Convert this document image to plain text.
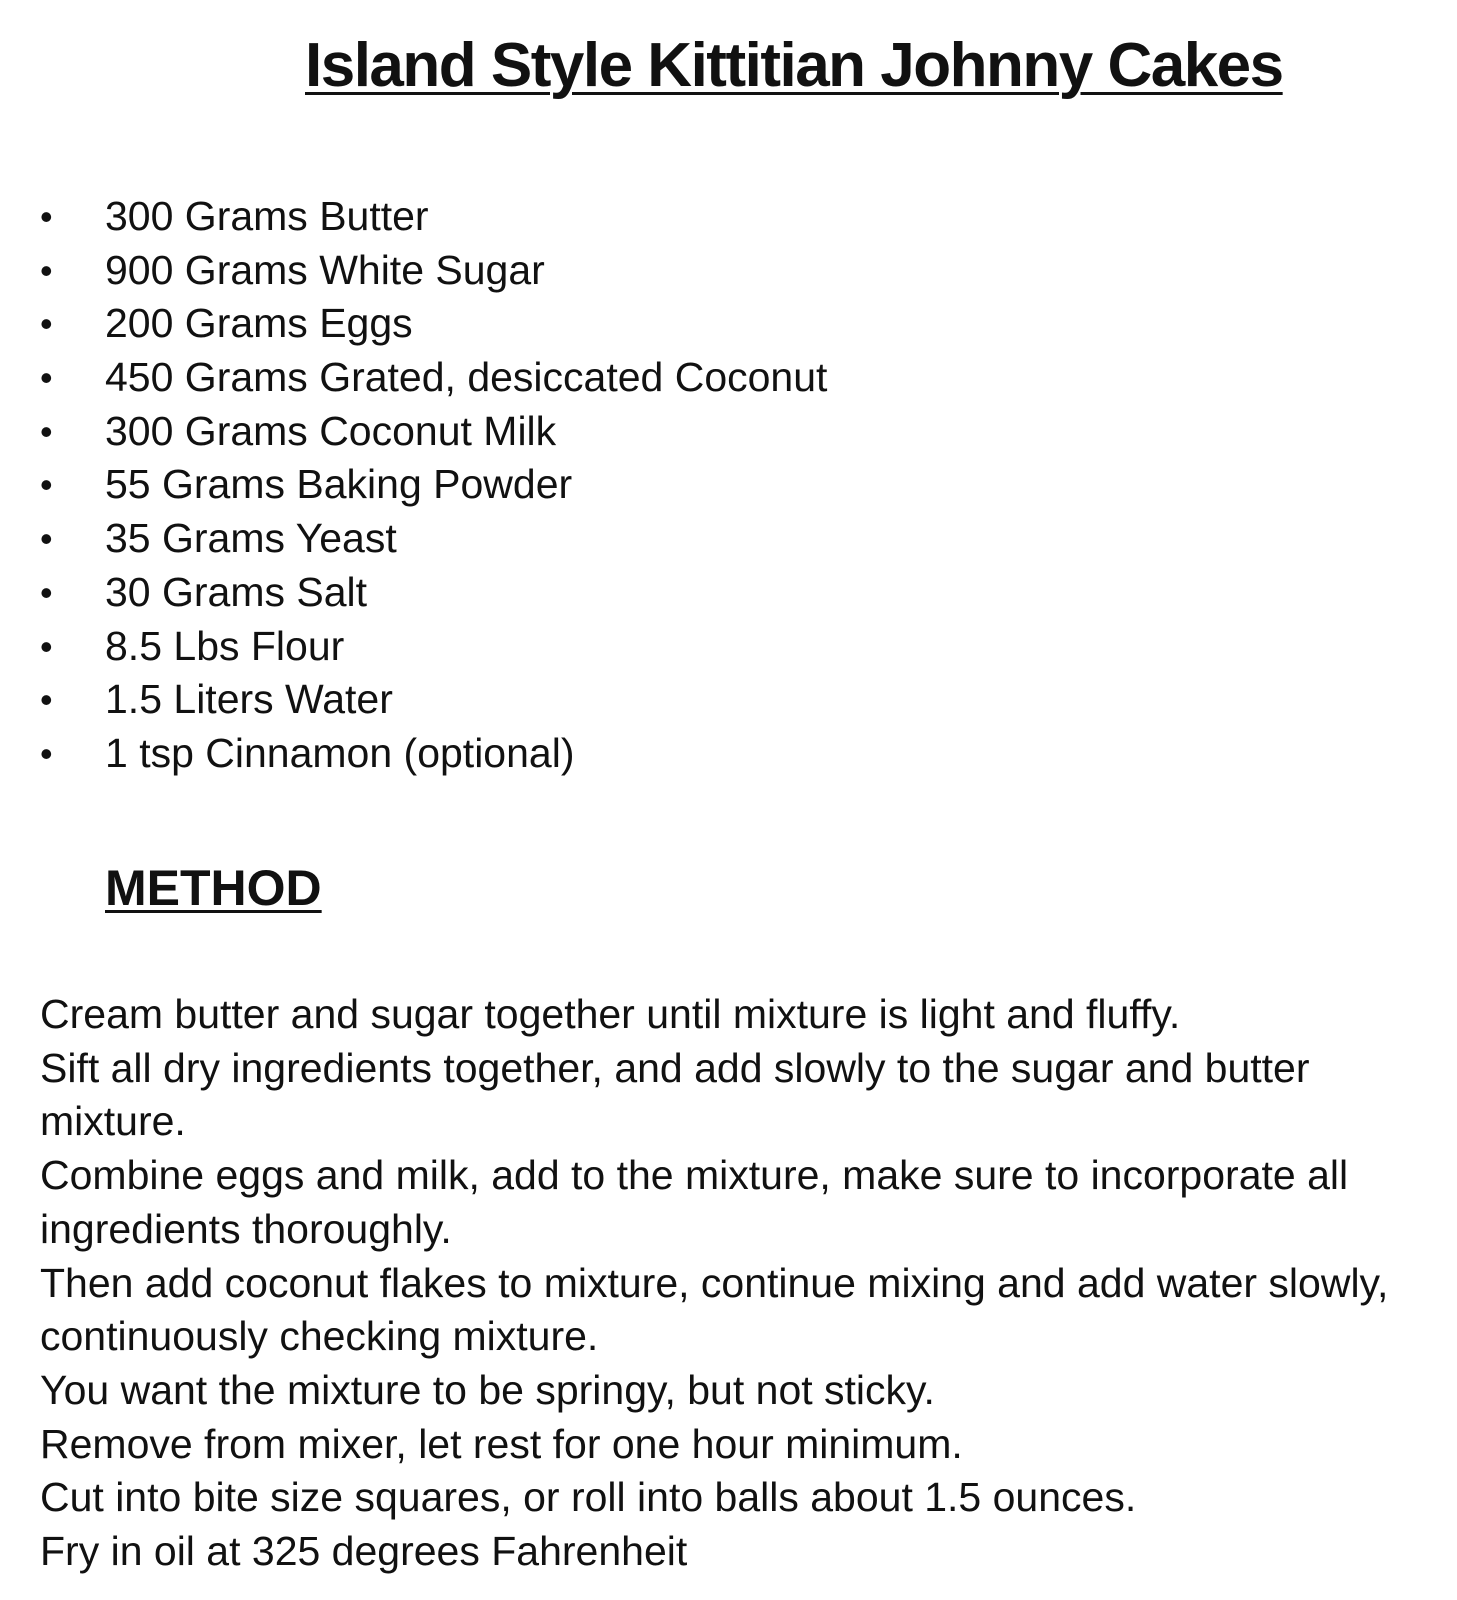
Island Style Kittitian Johnny Cakes
• 300 Grams Butter
• 900 Grams White Sugar
• 200 Grams Eggs
• 450 Grams Grated, desiccated Coconut
• 300 Grams Coconut Milk
• 55 Grams Baking Powder
• 35 Grams Yeast
• 30 Grams Salt
• 8.5 Lbs Flour
• 1.5 Liters Water
• 1 tsp Cinnamon (optional)
METHOD

Cream butter and sugar together until mixture is light and fluffy.

Sift all dry ingredients together, and add slowly to the sugar and butter mixture.

Combine eggs and milk, add to the mixture, make sure to incorporate all ingredients thoroughly.

Then add coconut flakes to mixture, continue mixing and add water slowly, continuously checking mixture.

You want the mixture to be springy, but not sticky.

Remove from mixer, let rest for one hour minimum.

Cut into bite size squares, or roll into balls about 1.5 ounces.

Fry in oil at 325 degrees Fahrenheit
